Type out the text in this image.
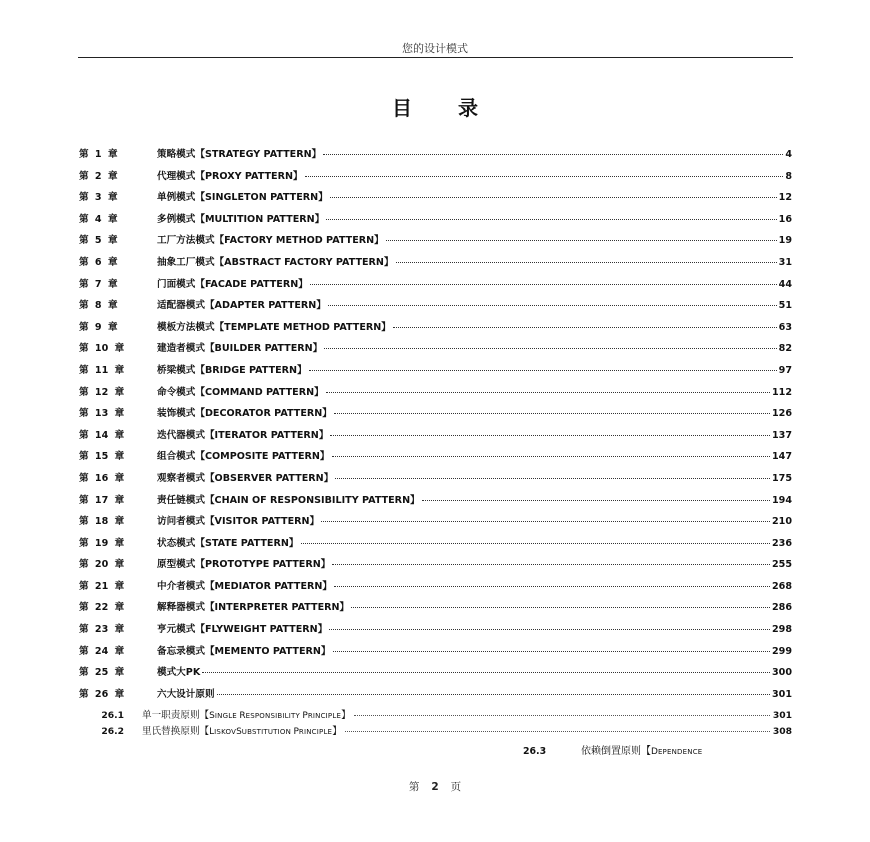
您的设计模式
目录
第 1 章	策略模式【STRATEGY PATTERN】	4
第 2 章	代理模式【PROXY PATTERN】	8
第 3 章	单例模式【SINGLETON PATTERN】	12
第 4 章	多例模式【MULTITION PATTERN】	16
第 5 章	工厂方法模式【FACTORY METHOD PATTERN】	19
第 6 章	抽象工厂模式【ABSTRACT FACTORY PATTERN】	31
第 7 章	门面模式【FACADE PATTERN】	44
第 8 章	适配器模式【ADAPTER PATTERN】	51
第 9 章	模板方法模式【TEMPLATE METHOD PATTERN】	63
第 10 章	建造者模式【BUILDER PATTERN】	82
第 11 章	桥梁模式【BRIDGE PATTERN】	97
第 12 章	命令模式【COMMAND PATTERN】	112
第 13 章	装饰模式【DECORATOR PATTERN】	126
第 14 章	迭代器模式【ITERATOR PATTERN】	137
第 15 章	组合模式【COMPOSITE PATTERN】	147
第 16 章	观察者模式【OBSERVER PATTERN】	175
第 17 章	责任链模式【CHAIN OF RESPONSIBILITY PATTERN】	194
第 18 章	访问者模式【VISITOR PATTERN】	210
第 19 章	状态模式【STATE PATTERN】	236
第 20 章	原型模式【PROTOTYPE PATTERN】	255
第 21 章	中介者模式【MEDIATOR PATTERN】	268
第 22 章	解释器模式【INTERPRETER PATTERN】	286
第 23 章	亨元模式【FLYWEIGHT PATTERN】	298
第 24 章	备忘录模式【MEMENTO PATTERN】	299
第 25 章	模式大PK	300
第 26 章	六大设计原则	301
26.1 单一职责原则【SINGLE RESPONSIBILITY PRINCIPLE】	301
26.2 里氏替换原则【LISKOVSUBSTITUTION PRINCIPLE】	308
26.3	依赖倒置原则【DEPENDENCE
第 2 页
